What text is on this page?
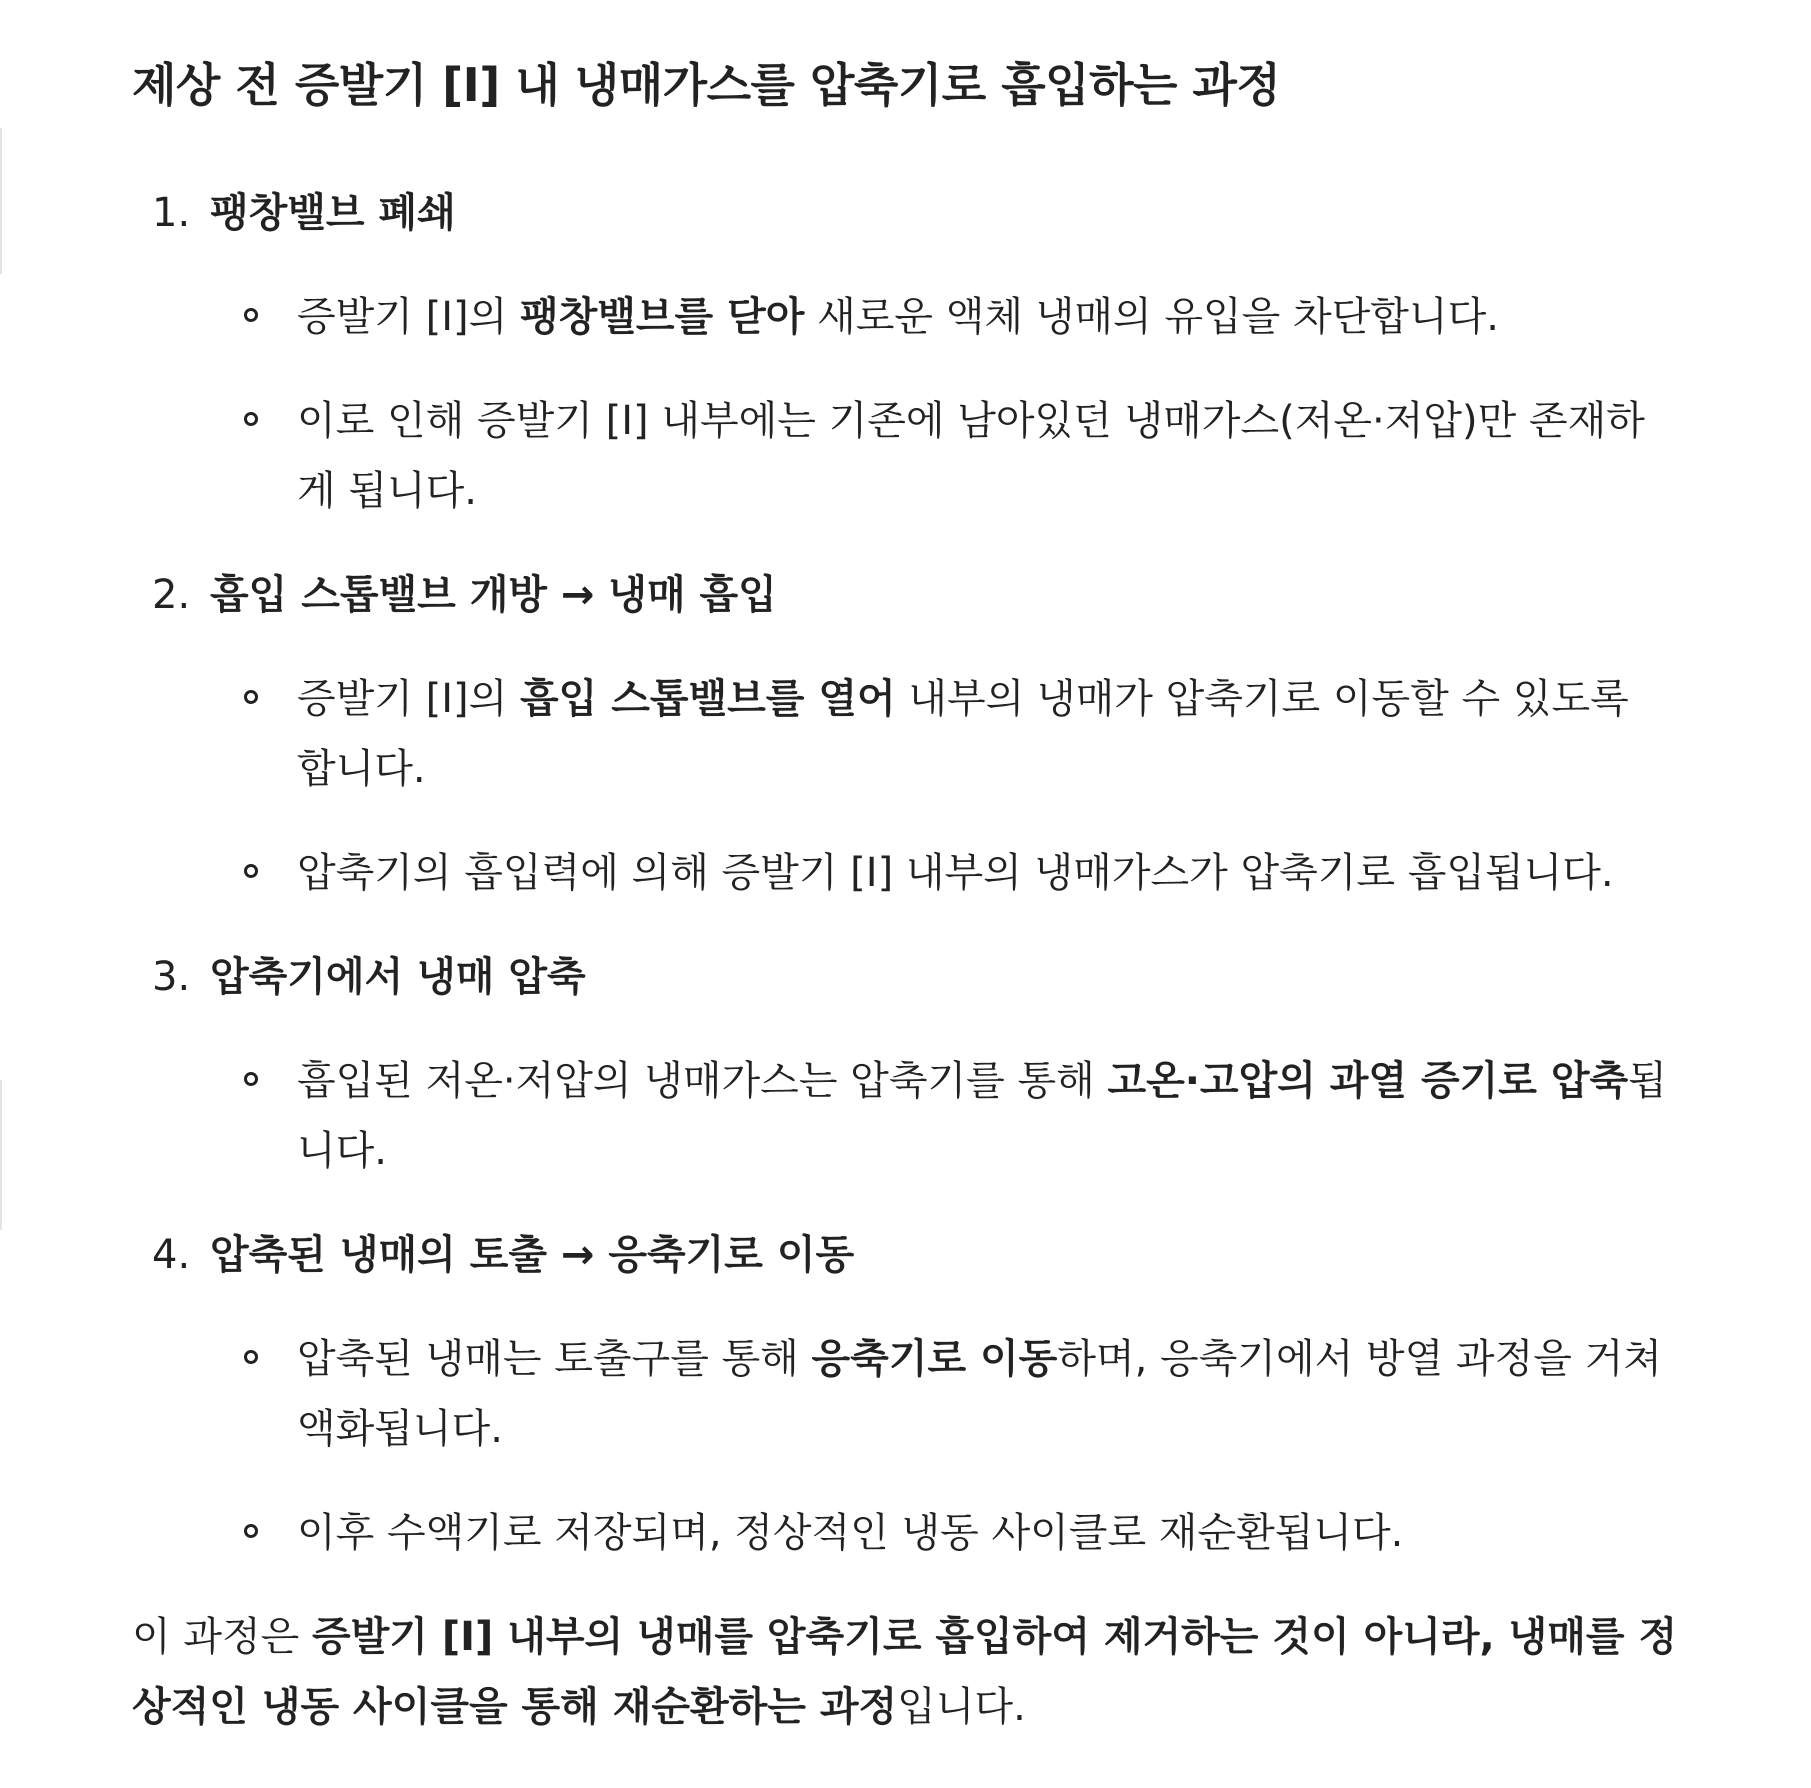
제상 전 증발기 [I] 내 냉매가스를 압축기로 흡입하는 과정
1. 팽창밸브 폐쇄
증발기 [I]의 팽창밸브를 닫아 새로운 액체 냉매의 유입을 차단합니다.
이로 인해 증발기 [I] 내부에는 기존에 남아있던 냉매가스(저온·저압)만 존재하게 됩니다.
2. 흡입 스톱밸브 개방 → 냉매 흡입
증발기 [I]의 흡입 스톱밸브를 열어 내부의 냉매가 압축기로 이동할 수 있도록 합니다.
압축기의 흡입력에 의해 증발기 [I] 내부의 냉매가스가 압축기로 흡입됩니다.
3. 압축기에서 냉매 압축
흡입된 저온·저압의 냉매가스는 압축기를 통해 고온·고압의 과열 증기로 압축됩니다.
4. 압축된 냉매의 토출 → 응축기로 이동
압축된 냉매는 토출구를 통해 응축기로 이동하며, 응축기에서 방열 과정을 거쳐 액화됩니다.
이후 수액기로 저장되며, 정상적인 냉동 사이클로 재순환됩니다.

이 과정은 증발기 [I] 내부의 냉매를 압축기로 흡입하여 제거하는 것이 아니라, 냉매를 정상적인 냉동 사이클을 통해 재순환하는 과정입니다.
